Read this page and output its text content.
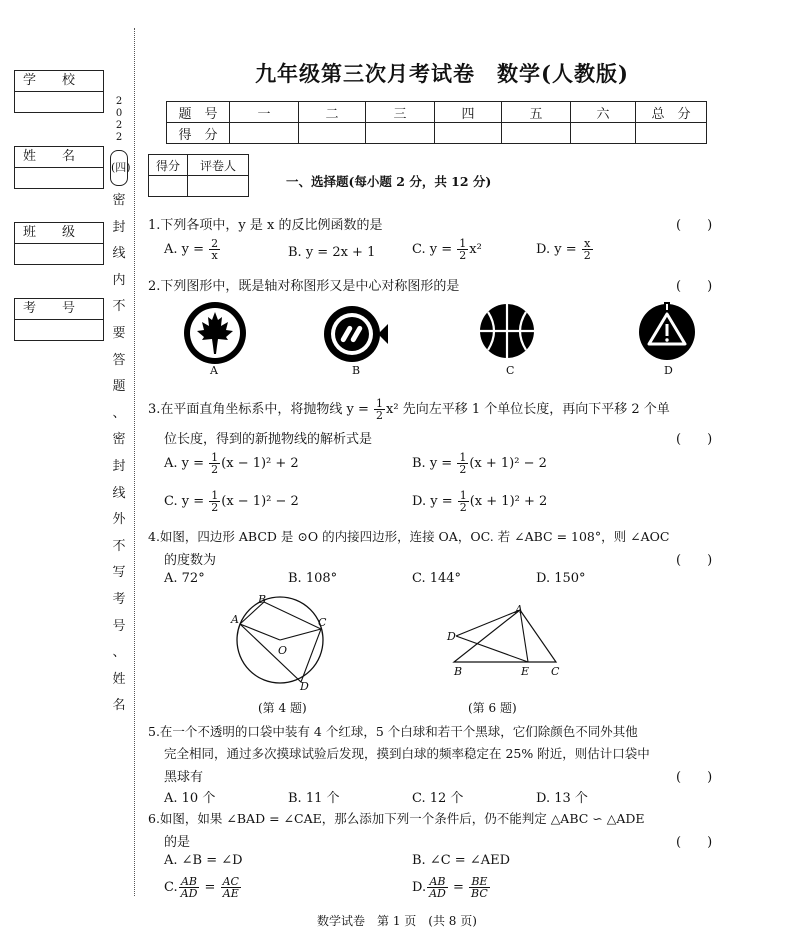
学　　校
姓　　名
班　　级
考　　号
2
0
2
2
(四)
密
封
线
内
不
要
答
题
、
密
封
线
外
不
写
考
号
、
姓
名
九年级第三次月考试卷　数学(人教版)
题　号	一	二	三	四	五	六	总　分
得　分							
得分	评卷人

一、选择题(每小题 2 分，共 12 分)
1.下列各项中，y 是 x 的反比例函数的是	(　　)
A. $y = \frac{2}{x}$	B. y = 2x + 1	C. $y = \frac{1}{2} x^2$	D. $y = \frac{x}{2}$
2.下列图形中，既是轴对称图形又是中心对称图形的是	(　　)
A	B	C	D
3.在平面直角坐标系中，将抛物线 $y = \frac{1}{2} x^2$ 先向左平移 1 个单位长度，再向下平移 2 个单
位长度，得到的新抛物线的解析式是	(　　)
A. $y = \frac{1}{2} (x - 1)^2 + 2$	B. $y = \frac{1}{2} (x + 1)^2 - 2$
C. $y = \frac{1}{2} (x - 1)^2 - 2$	D. $y = \frac{1}{2} (x + 1)^2 + 2$
4.如图，四边形 ABCD 是 ⊙O 的内接四边形，连接 OA，OC. 若 ∠ABC = 108°，则 ∠AOC
的度数为	(　　)
A. 72°	B. 108°	C. 144°	D. 150°
A
B
C
O
D
(第 4 题)
A
D
B	E C
(第 6 题)
5.在一个不透明的口袋中装有 4 个红球，5 个白球和若干个黑球，它们除颜色不同外其他
完全相同，通过多次摸球试验后发现，摸到白球的频率稳定在 25% 附近，则估计口袋中
黑球有	(　　)
A. 10 个	B. 11 个	C. 12 个	D. 13 个
6.如图，如果 ∠BAD = ∠CAE，那么添加下列一个条件后，仍不能判定 △ABC ∽ △ADE
的是	(　　)
A. ∠B = ∠D	B. ∠C = ∠AED
C. $\frac{AB}{AD} = \frac{AC}{AE}$	D. $\frac{AB}{AD} = \frac{BE}{BC}$
数学试卷　第 1 页　(共 8 页)
